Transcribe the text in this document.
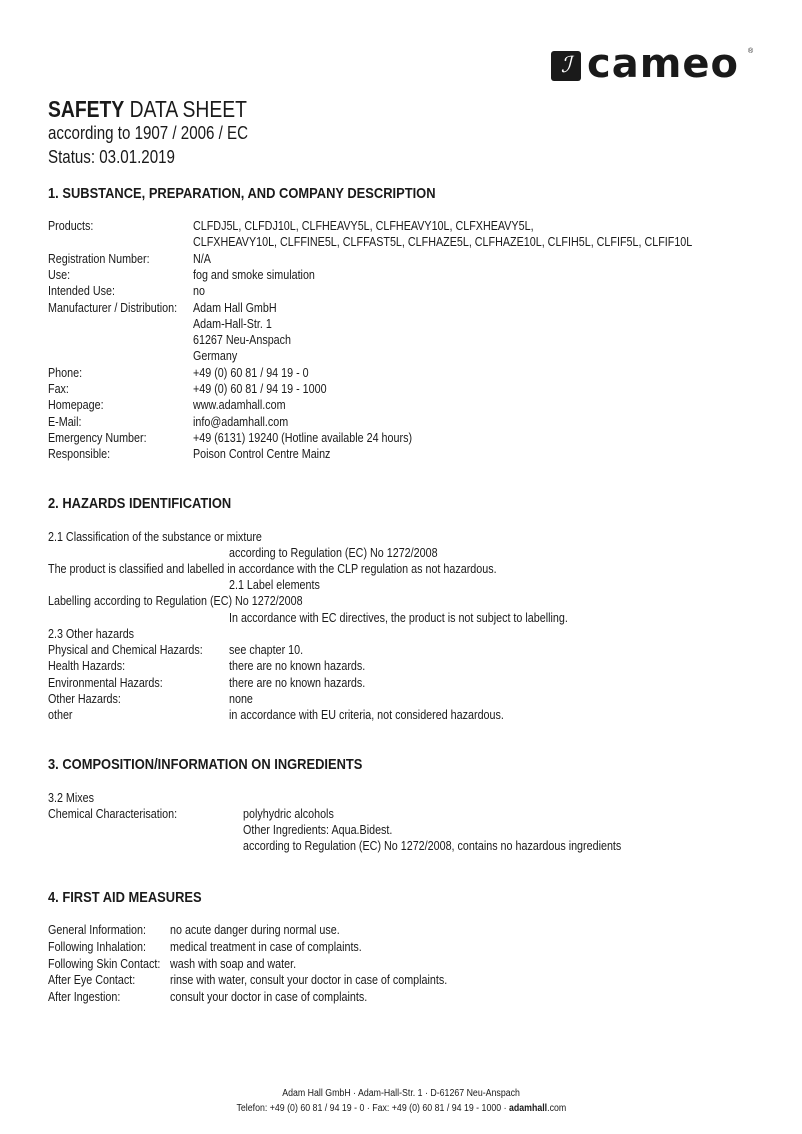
ℐ cameo ®
SAFETY DATA SHEET
according to 1907 / 2006 / EC
Status: 03.01.2019
1. SUBSTANCE, PREPARATION, AND COMPANY DESCRIPTION
Products:	CLFDJ5L, CLFDJ10L, CLFHEAVY5L, CLFHEAVY10L, CLFXHEAVY5L,
CLFXHEAVY10L, CLFFINE5L, CLFFAST5L, CLFHAZE5L, CLFHAZE10L, CLFIH5L, CLFIF5L, CLFIF10L
Registration Number:	N/A
Use:	fog and smoke simulation
Intended Use:	no
Manufacturer / Distribution: Adam Hall GmbH
Adam-Hall-Str. 1
61267 Neu-Anspach
Germany
Phone:	+49 (0) 60 81 / 94 19 - 0
Fax:	+49 (0) 60 81 / 94 19 - 1000
Homepage:	www.adamhall.com
E-Mail:	info@adamhall.com
Emergency Number:	+49 (6131) 19240 (Hotline available 24 hours)
Responsible:	Poison Control Centre Mainz
2. HAZARDS IDENTIFICATION
2.1 Classification of the substance or mixture
according to Regulation (EC) No 1272/2008
The product is classified and labelled in accordance with the CLP regulation as not hazardous.
2.1 Label elements
Labelling according to Regulation (EC) No 1272/2008
In accordance with EC directives, the product is not subject to labelling.
2.3 Other hazards
Physical and Chemical Hazards: see chapter 10.
Health Hazards:	there are no known hazards.
Environmental Hazards:	there are no known hazards.
Other Hazards:	none
other	in accordance with EU criteria, not considered hazardous.
3. COMPOSITION/INFORMATION ON INGREDIENTS
3.2 Mixes
Chemical Characterisation:	polyhydric alcohols
Other Ingredients: Aqua.Bidest.
according to Regulation (EC) No 1272/2008, contains no hazardous ingredients
4. FIRST AID MEASURES
General Information: no acute danger during normal use.
Following Inhalation: medical treatment in case of complaints.
Following Skin Contact: wash with soap and water.
After Eye Contact:	rinse with water, consult your doctor in case of complaints.
After Ingestion:	consult your doctor in case of complaints.
Adam Hall GmbH · Adam-Hall-Str. 1 · D-61267 Neu-Anspach
Telefon: +49 (0) 60 81 / 94 19 - 0 · Fax: +49 (0) 60 81 / 94 19 - 1000 · adamhall.com
